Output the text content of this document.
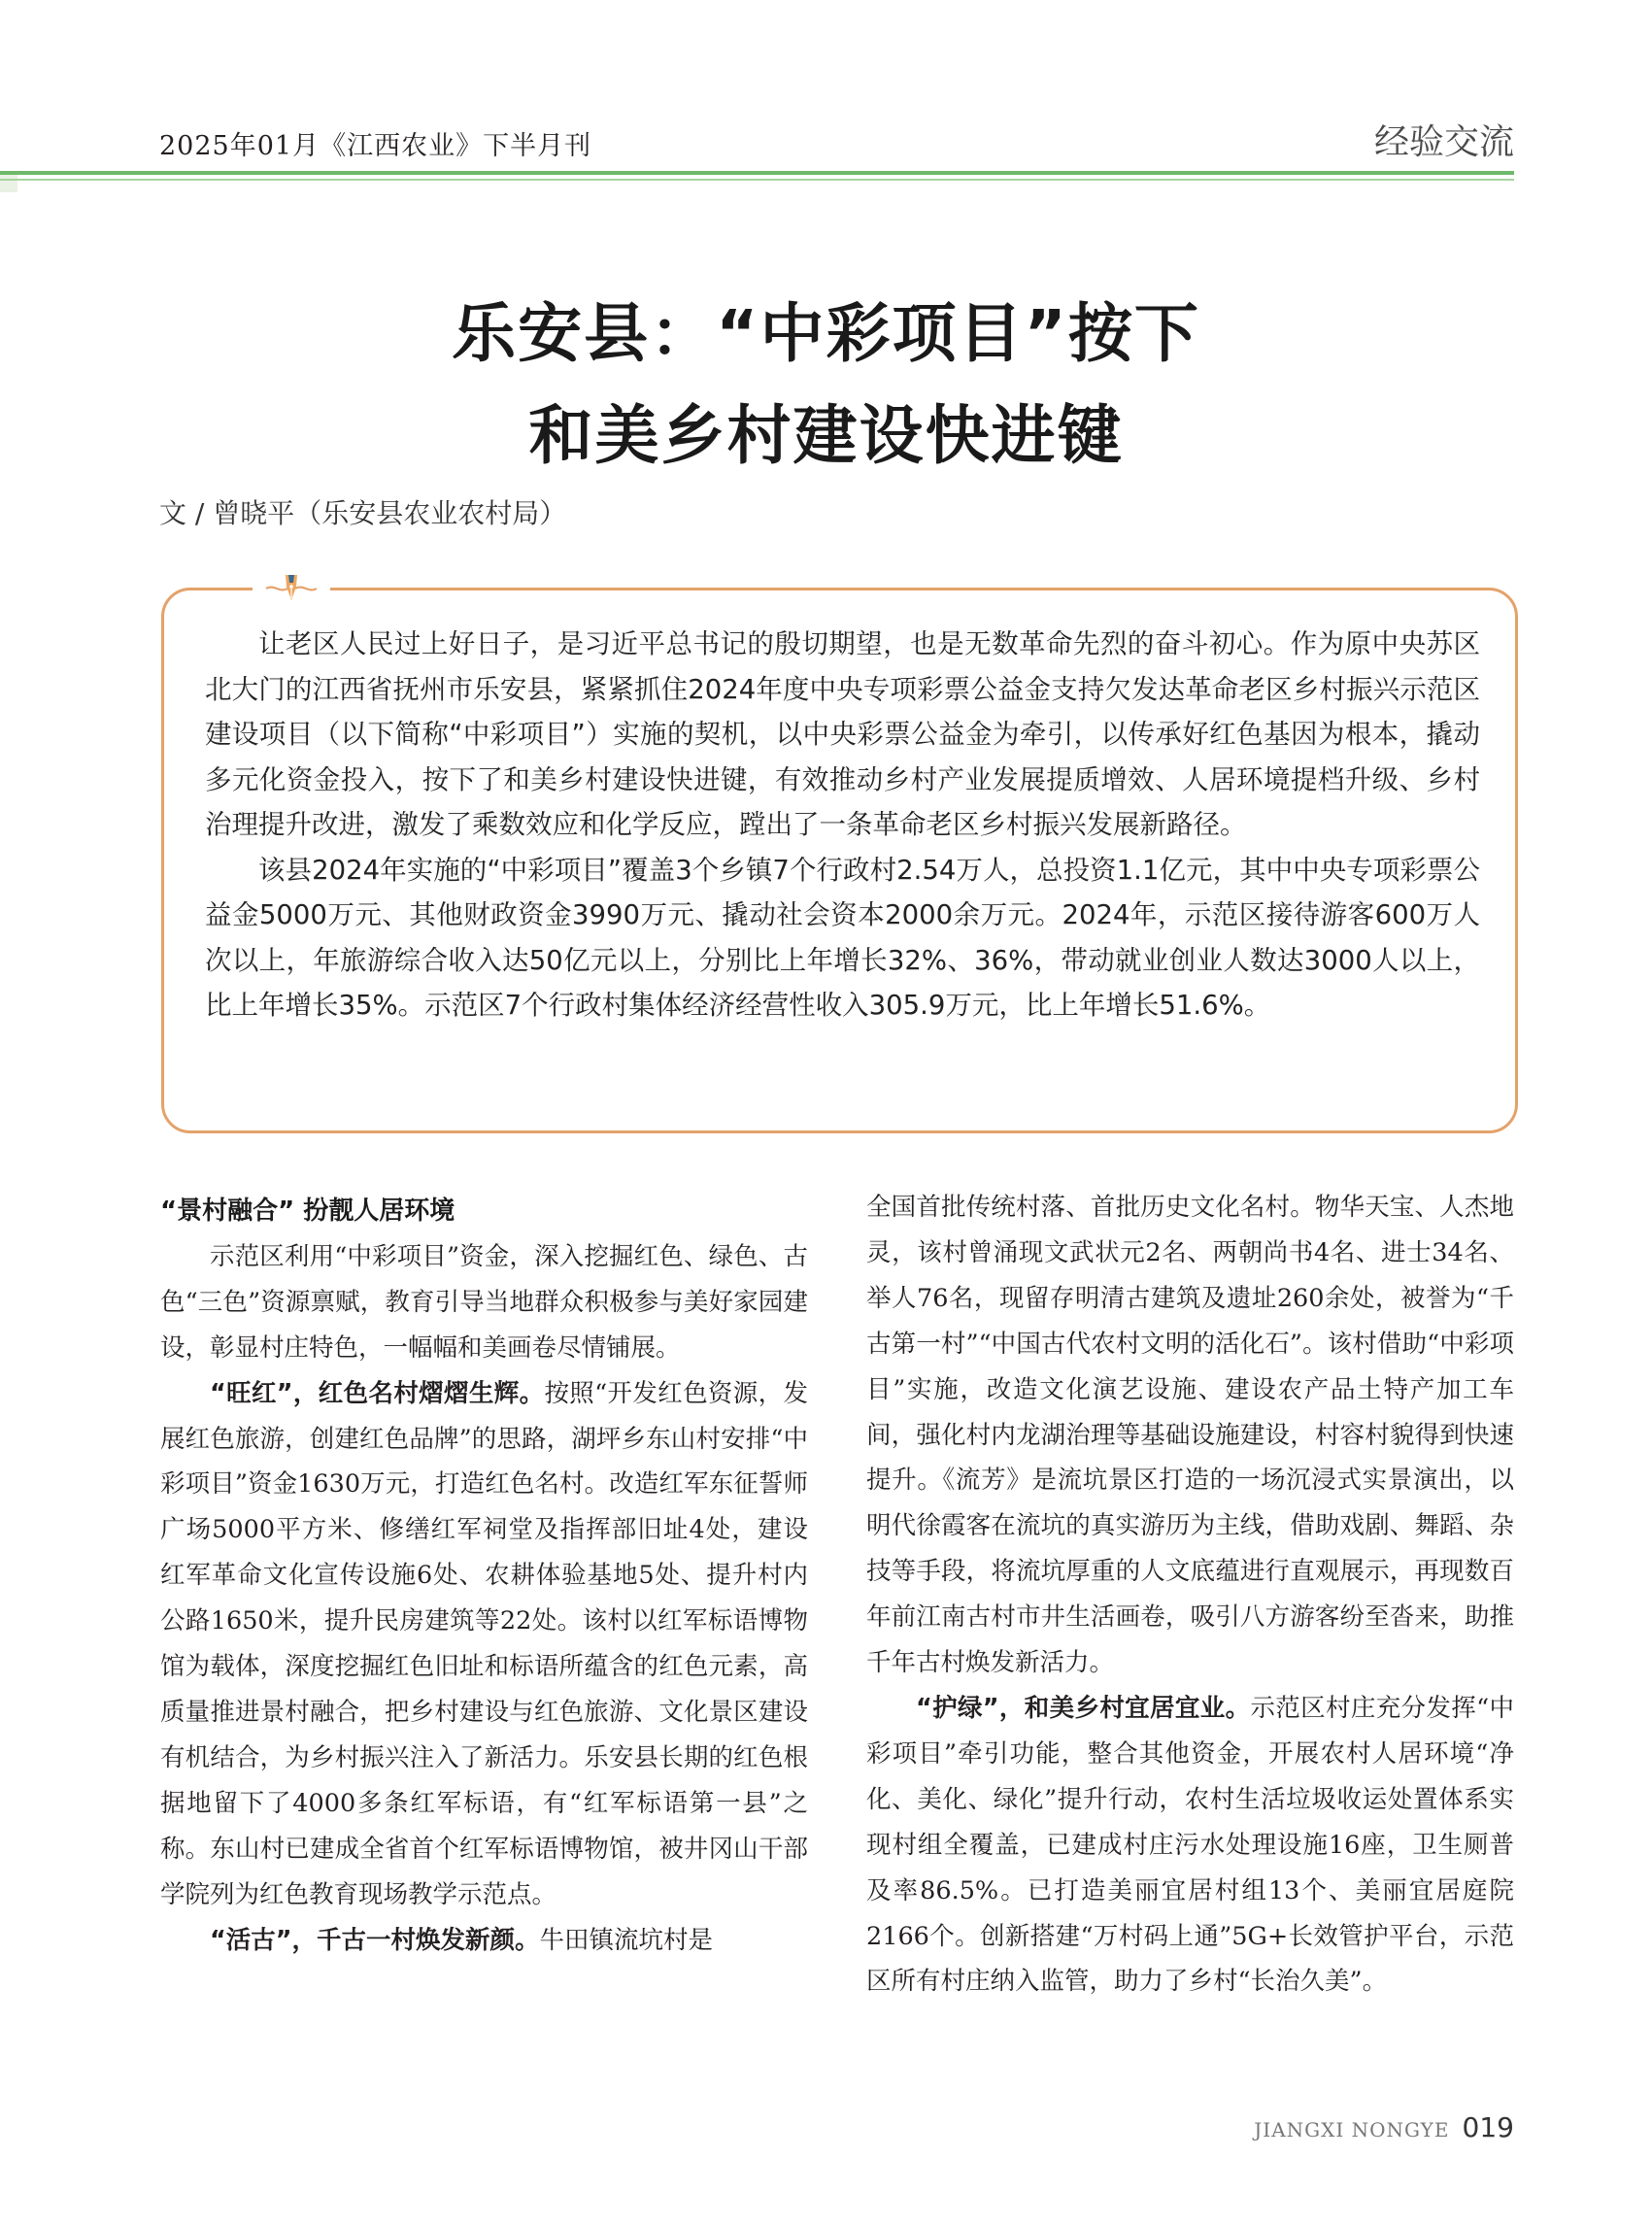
2025年01月《江西农业》下半月刊	经验交流
乐安县：“中彩项目”按下
和美乡村建设快进键
文 / 曾晓平（乐安县农业农村局）

让老区人民过上好日子，是习近平总书记的殷切期望，也是无数革命先烈的奋斗初心。作为原中央苏区北大门的江西省抚州市乐安县，紧紧抓住2024年度中央专项彩票公益金支持欠发达革命老区乡村振兴示范区建设项目（以下简称“中彩项目”）实施的契机，以中央彩票公益金为牵引，以传承好红色基因为根本，撬动多元化资金投入，按下了和美乡村建设快进键，有效推动乡村产业发展提质增效、人居环境提档升级、乡村治理提升改进，激发了乘数效应和化学反应，蹚出了一条革命老区乡村振兴发展新路径。

该县2024年实施的“中彩项目”覆盖3个乡镇7个行政村2.54万人，总投资1.1亿元，其中中央专项彩票公益金5000万元、其他财政资金3990万元、撬动社会资本2000余万元。2024年，示范区接待游客600万人次以上，年旅游综合收入达50亿元以上，分别比上年增长32%、36%，带动就业创业人数达3000人以上，比上年增长35%。示范区7个行政村集体经济经营性收入305.9万元，比上年增长51.6%。

“景村融合” 扮靓人居环境

示范区利用“中彩项目”资金，深入挖掘红色、绿色、古色“三色”资源禀赋，教育引导当地群众积极参与美好家园建设，彰显村庄特色，一幅幅和美画卷尽情铺展。

“旺红”，红色名村熠熠生辉。按照“开发红色资源，发展红色旅游，创建红色品牌”的思路，湖坪乡东山村安排“中彩项目”资金1630万元，打造红色名村。改造红军东征誓师广场5000平方米、修缮红军祠堂及指挥部旧址4处，建设红军革命文化宣传设施6处、农耕体验基地5处、提升村内公路1650米，提升民房建筑等22处。该村以红军标语博物馆为载体，深度挖掘红色旧址和标语所蕴含的红色元素，高质量推进景村融合，把乡村建设与红色旅游、文化景区建设有机结合，为乡村振兴注入了新活力。乐安县长期的红色根据地留下了4000多条红军标语，有“红军标语第一县”之称。东山村已建成全省首个红军标语博物馆，被井冈山干部学院列为红色教育现场教学示范点。

“活古”，千古一村焕发新颜。牛田镇流坑村是

全国首批传统村落、首批历史文化名村。物华天宝、人杰地灵，该村曾涌现文武状元2名、两朝尚书4名、进士34名、举人76名，现留存明清古建筑及遗址260余处，被誉为“千古第一村”“中国古代农村文明的活化石”。该村借助“中彩项目”实施，改造文化演艺设施、建设农产品土特产加工车间，强化村内龙湖治理等基础设施建设，村容村貌得到快速提升。《流芳》是流坑景区打造的一场沉浸式实景演出，以明代徐霞客在流坑的真实游历为主线，借助戏剧、舞蹈、杂技等手段，将流坑厚重的人文底蕴进行直观展示，再现数百年前江南古村市井生活画卷，吸引八方游客纷至沓来，助推千年古村焕发新活力。

“护绿”，和美乡村宜居宜业。示范区村庄充分发挥“中彩项目”牵引功能，整合其他资金，开展农村人居环境“净化、美化、绿化”提升行动，农村生活垃圾收运处置体系实现村组全覆盖，已建成村庄污水处理设施16座，卫生厕普及率86.5%。已打造美丽宜居村组13个、美丽宜居庭院2166个。创新搭建“万村码上通”5G+长效管护平台，示范区所有村庄纳入监管，助力了乡村“长治久美”。

JIANGXI NONGYE 019
